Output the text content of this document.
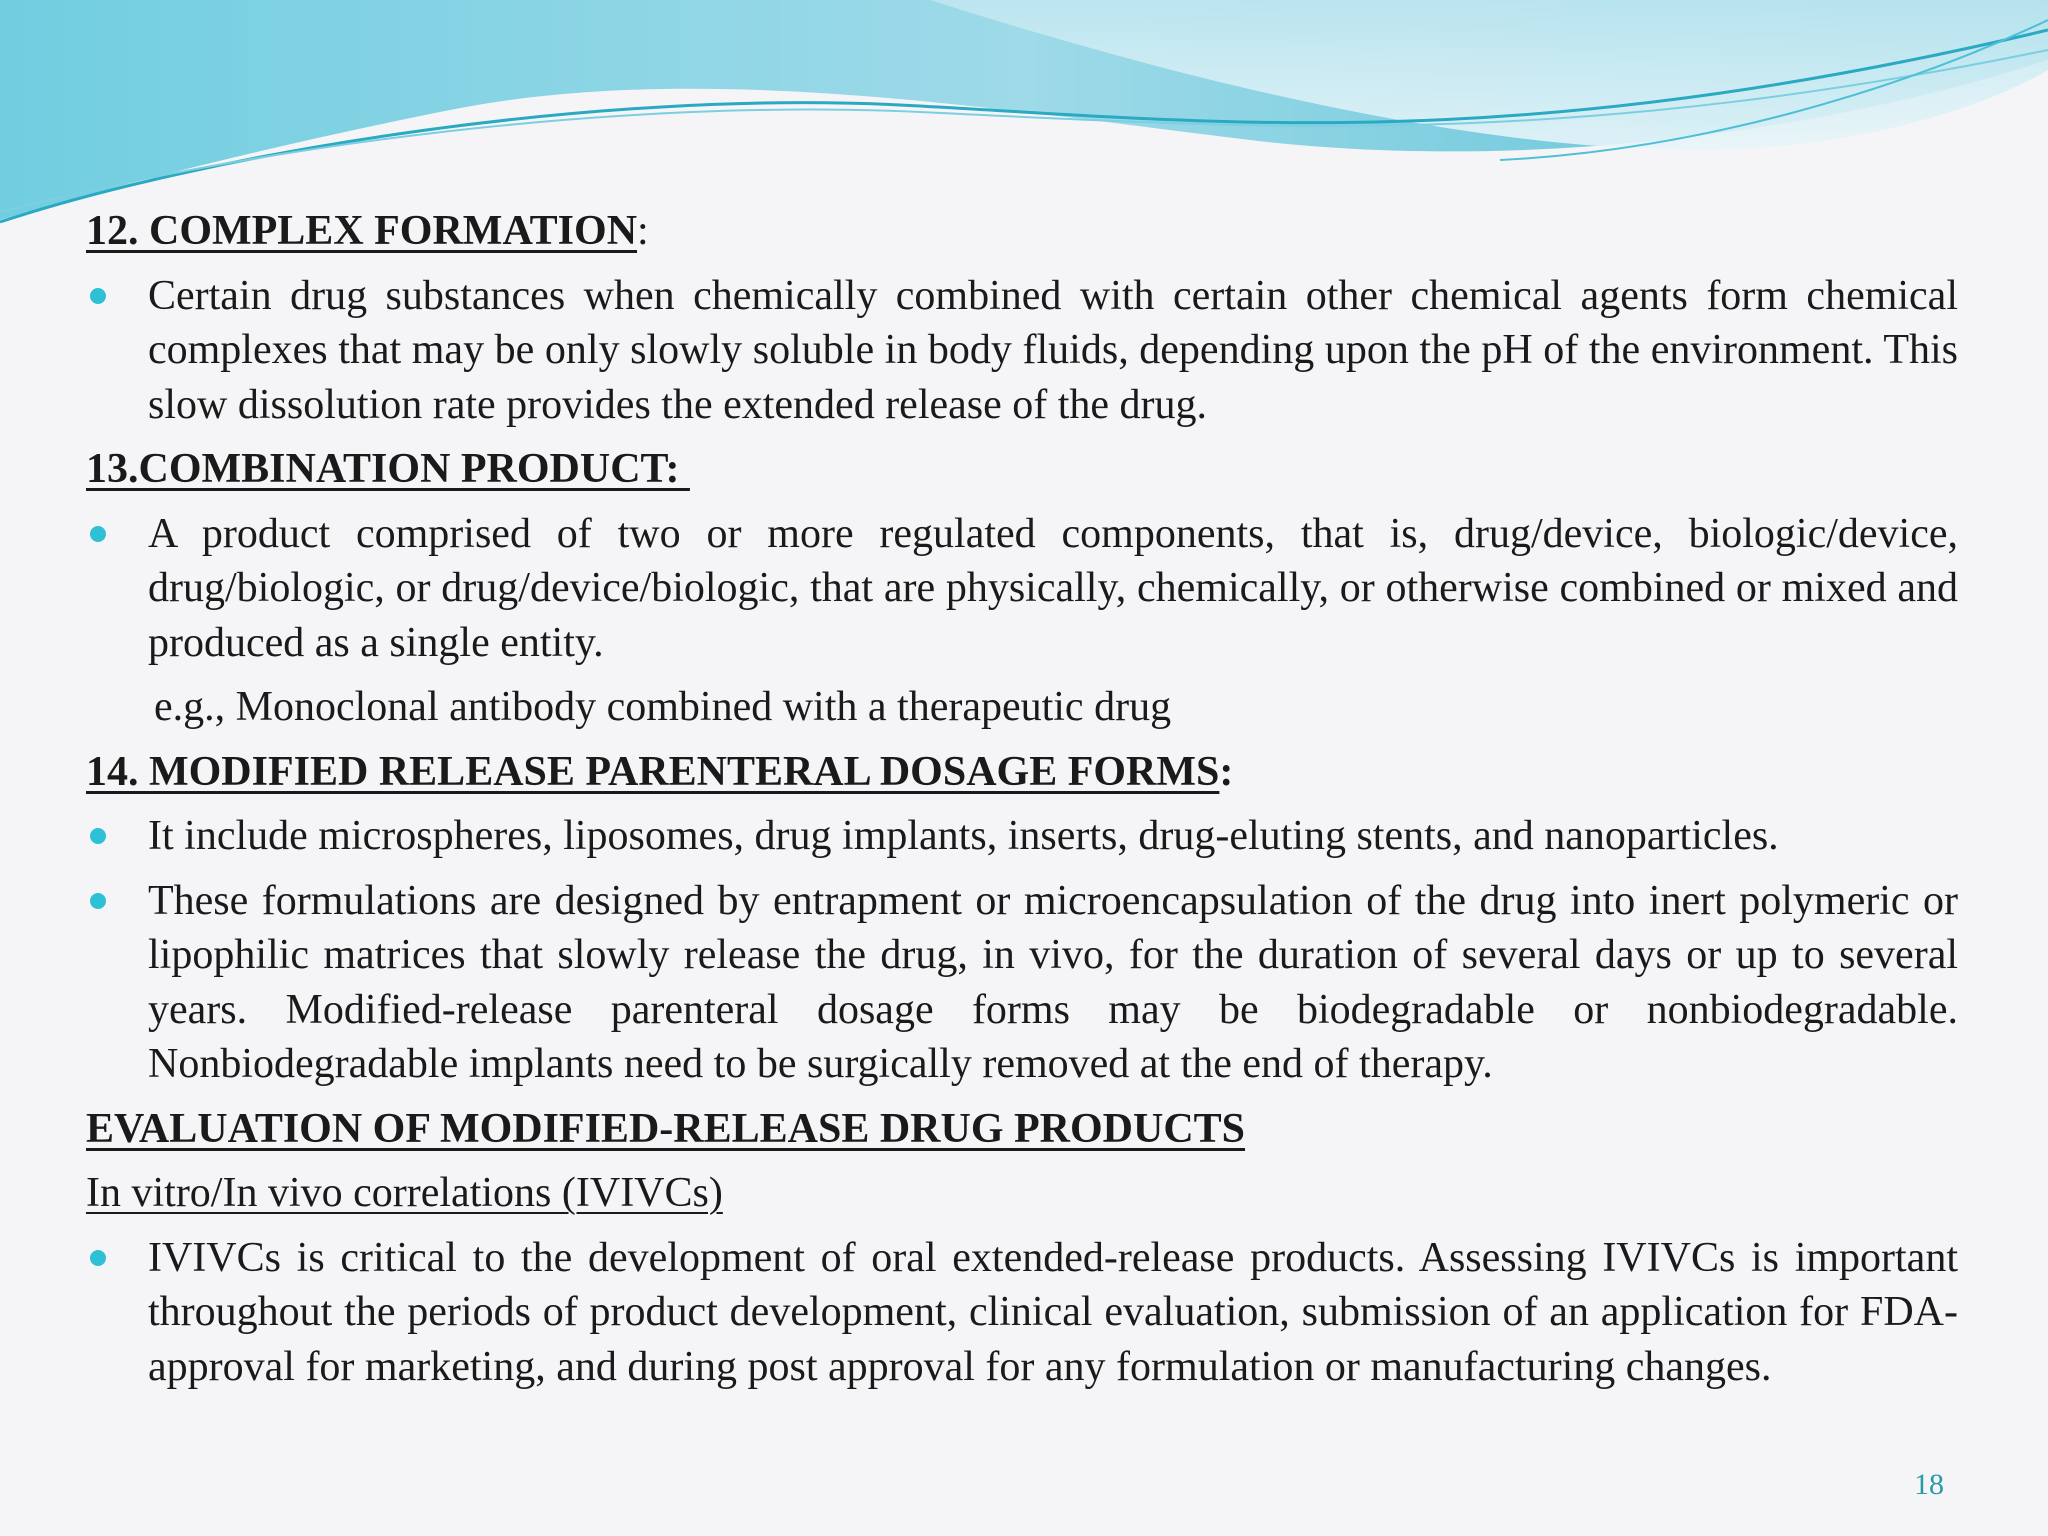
12. COMPLEX FORMATION:
Certain drug substances when chemically combined with certain other chemical agents form chemical complexes that may be only slowly soluble in body fluids, depending upon the pH of the environment. This slow dissolution rate provides the extended release of the drug.
13.COMBINATION PRODUCT:
A product comprised of two or more regulated components, that is, drug/device, biologic/device, drug/biologic, or drug/device/biologic, that are physically, chemically, or otherwise combined or mixed and produced as a single entity.
e.g., Monoclonal antibody combined with a therapeutic drug
14. MODIFIED RELEASE PARENTERAL DOSAGE FORMS:
It include microspheres, liposomes, drug implants, inserts, drug-eluting stents, and nanoparticles.
These formulations are designed by entrapment or microencapsulation of the drug into inert polymeric or lipophilic matrices that slowly release the drug, in vivo, for the duration of several days or up to several years. Modified-release parenteral dosage forms may be biodegradable or nonbiodegradable. Nonbiodegradable implants need to be surgically removed at the end of therapy.
EVALUATION OF MODIFIED-RELEASE DRUG PRODUCTS
In vitro/In vivo correlations (IVIVCs)
IVIVCs is critical to the development of oral extended-release products. Assessing IVIVCs is important throughout the periods of product development, clinical evaluation, submission of an application for FDA- approval for marketing, and during post approval for any formulation or manufacturing changes.
18
